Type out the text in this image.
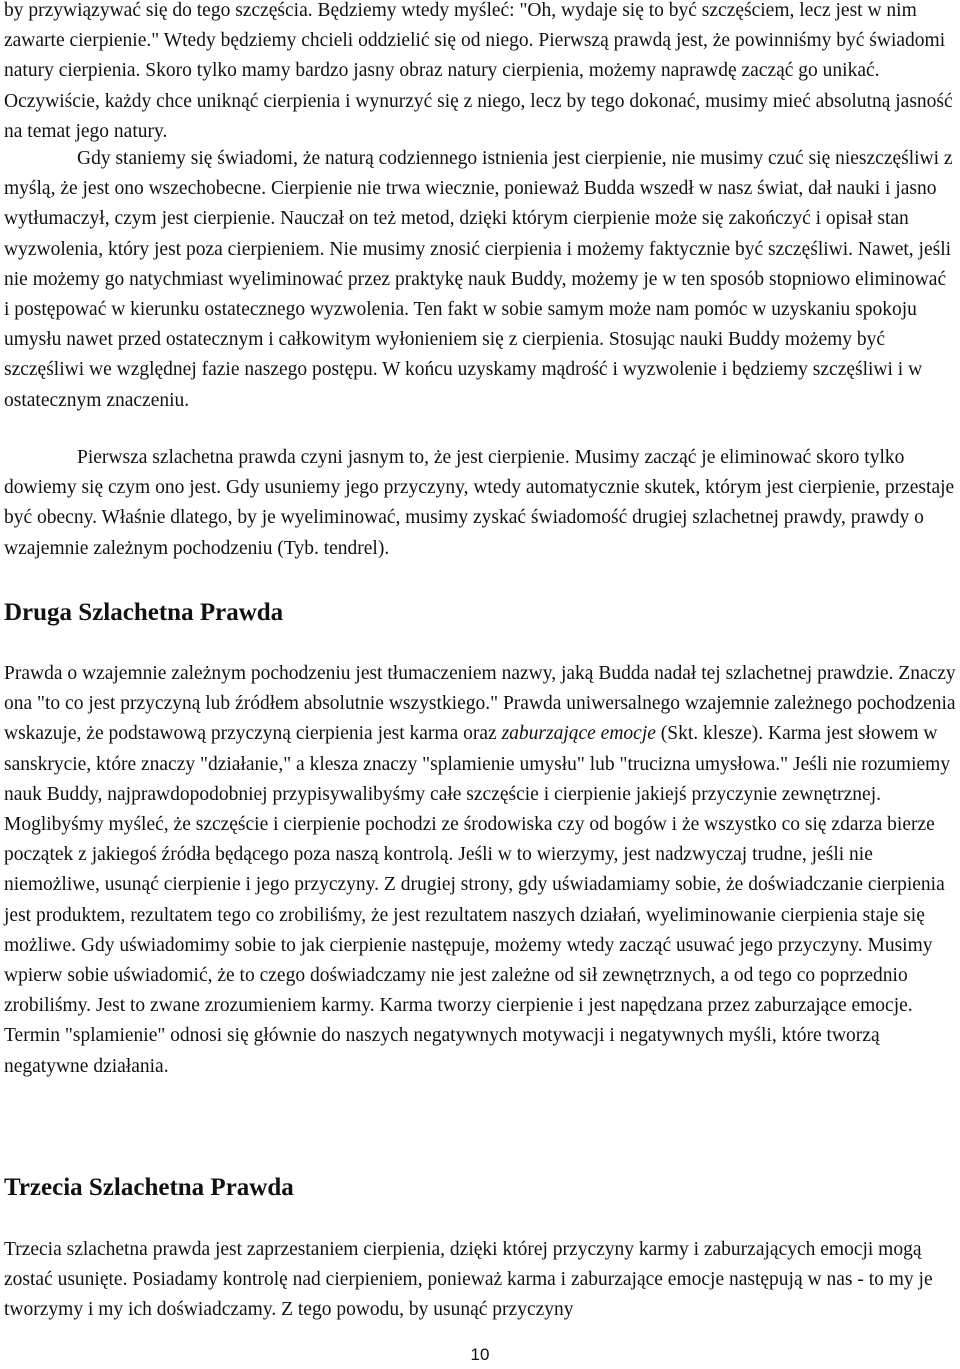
by przywiązywać się do tego szczęścia. Będziemy wtedy myśleć: "Oh, wydaje się to być szczęściem, lecz jest w nim zawarte cierpienie." Wtedy będziemy chcieli oddzielić się od niego. Pierwszą prawdą jest, że powinniśmy być świadomi natury cierpienia. Skoro tylko mamy bardzo jasny obraz natury cierpienia, możemy naprawdę zacząć go unikać. Oczywiście, każdy chce uniknąć cierpienia i wynurzyć się z niego, lecz by tego dokonać, musimy mieć absolutną jasność na temat jego natury.

Gdy staniemy się świadomi, że naturą codziennego istnienia jest cierpienie, nie musimy czuć się nieszczęśliwi z myślą, że jest ono wszechobecne. Cierpienie nie trwa wiecznie, ponieważ Budda wszedł w nasz świat, dał nauki i jasno wytłumaczył, czym jest cierpienie. Nauczał on też metod, dzięki którym cierpienie może się zakończyć i opisał stan wyzwolenia, który jest poza cierpieniem. Nie musimy znosić cierpienia i możemy faktycznie być szczęśliwi. Nawet, jeśli nie możemy go natychmiast wyeliminować przez praktykę nauk Buddy, możemy je w ten sposób stopniowo eliminować i postępować w kierunku ostatecznego wyzwolenia. Ten fakt w sobie samym może nam pomóc w uzyskaniu spokoju umysłu nawet przed ostatecznym i całkowitym wyłonieniem się z cierpienia. Stosując nauki Buddy możemy być szczęśliwi we względnej fazie naszego postępu. W końcu uzyskamy mądrość i wyzwolenie i będziemy szczęśliwi i w ostatecznym znaczeniu.

Pierwsza szlachetna prawda czyni jasnym to, że jest cierpienie. Musimy zacząć je eliminować skoro tylko dowiemy się czym ono jest. Gdy usuniemy jego przyczyny, wtedy automatycznie skutek, którym jest cierpienie, przestaje być obecny. Właśnie dlatego, by je wyeliminować, musimy zyskać świadomość drugiej szlachetnej prawdy, prawdy o wzajemnie zależnym pochodzeniu (Tyb. tendrel).

Druga Szlachetna Prawda

Prawda o wzajemnie zależnym pochodzeniu jest tłumaczeniem nazwy, jaką Budda nadał tej szlachetnej prawdzie. Znaczy ona "to co jest przyczyną lub źródłem absolutnie wszystkiego." Prawda uniwersalnego wzajemnie zależnego pochodzenia wskazuje, że podstawową przyczyną cierpienia jest karma oraz zaburzające emocje (Skt. klesze). Karma jest słowem w sanskrycie, które znaczy "działanie," a klesza znaczy "splamienie umysłu" lub "trucizna umysłowa." Jeśli nie rozumiemy nauk Buddy, najprawdopodobniej przypisywalibyśmy całe szczęście i cierpienie jakiejś przyczynie zewnętrznej. Moglibyśmy myśleć, że szczęście i cierpienie pochodzi ze środowiska czy od bogów i że wszystko co się zdarza bierze początek z jakiegoś źródła będącego poza naszą kontrolą. Jeśli w to wierzymy, jest nadzwyczaj trudne, jeśli nie niemożliwe, usunąć cierpienie i jego przyczyny. Z drugiej strony, gdy uświadamiamy sobie, że doświadczanie cierpienia jest produktem, rezultatem tego co zrobiliśmy, że jest rezultatem naszych działań, wyeliminowanie cierpienia staje się możliwe. Gdy uświadomimy sobie to jak cierpienie następuje, możemy wtedy zacząć usuwać jego przyczyny. Musimy wpierw sobie uświadomić, że to czego doświadczamy nie jest zależne od sił zewnętrznych, a od tego co poprzednio zrobiliśmy. Jest to zwane zrozumieniem karmy. Karma tworzy cierpienie i jest napędzana przez zaburzające emocje. Termin "splamienie" odnosi się głównie do naszych negatywnych motywacji i negatywnych myśli, które tworzą negatywne działania.

Trzecia Szlachetna Prawda

Trzecia szlachetna prawda jest zaprzestaniem cierpienia, dzięki której przyczyny karmy i zaburzających emocji mogą zostać usunięte. Posiadamy kontrolę nad cierpieniem, ponieważ karma i zaburzające emocje następują w nas - to my je tworzymy i my ich doświadczamy. Z tego powodu, by usunąć przyczyny

10
